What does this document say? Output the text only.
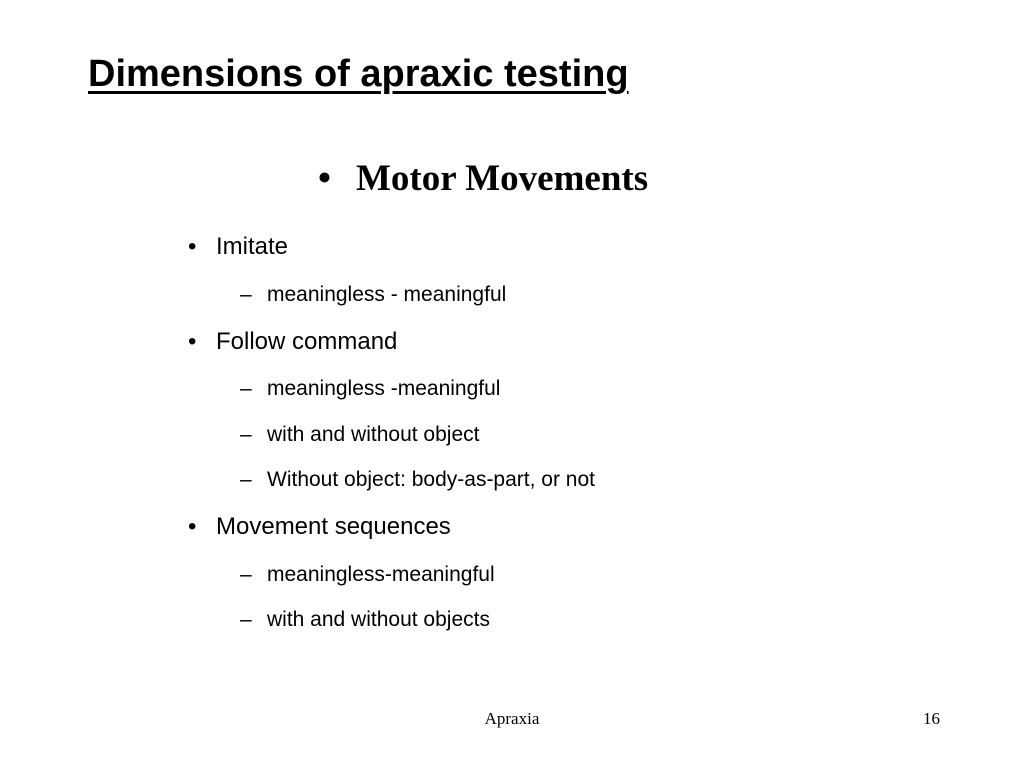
Dimensions of apraxic testing
• Motor Movements
• Imitate
– meaningless - meaningful
• Follow command
– meaningless -meaningful
– with and without object
– Without object: body-as-part, or not
• Movement sequences
– meaningless-meaningful
– with and without objects
Apraxia	16
